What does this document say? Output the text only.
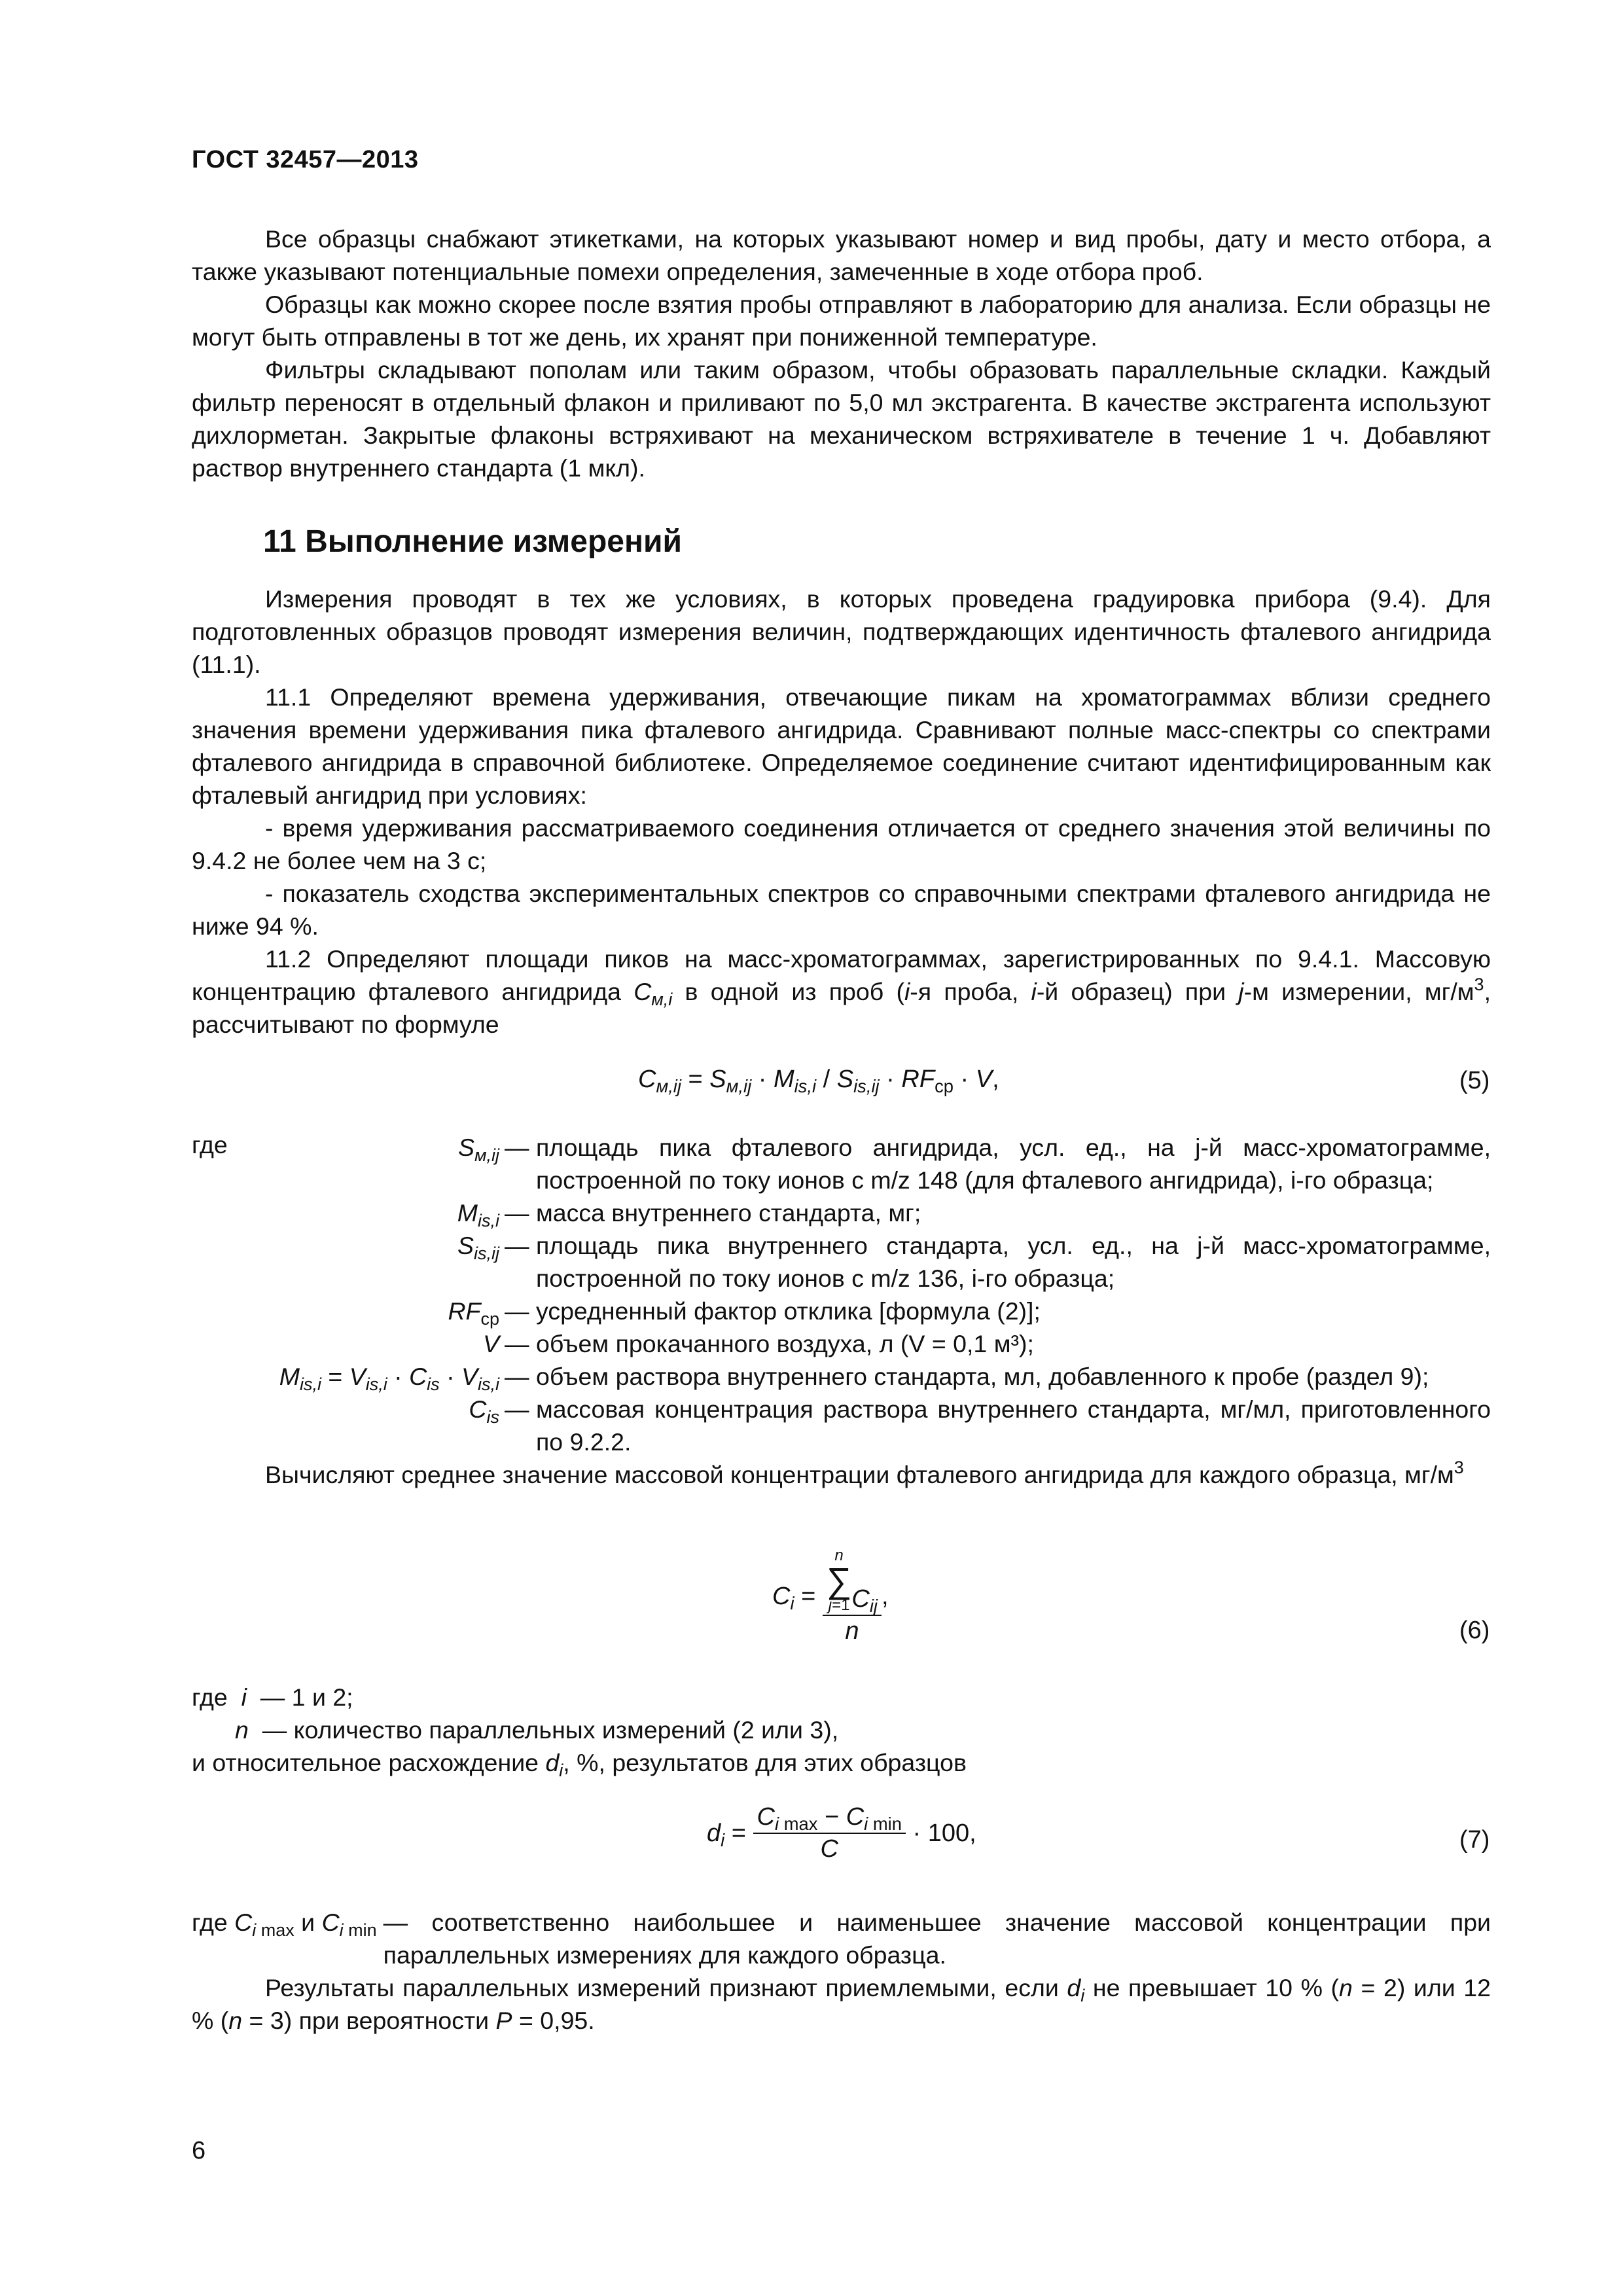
ГОСТ 32457—2013

Все образцы снабжают этикетками, на которых указывают номер и вид пробы, дату и место отбора, а также указывают потенциальные помехи определения, замеченные в ходе отбора проб.

Образцы как можно скорее после взятия пробы отправляют в лабораторию для анализа. Если образцы не могут быть отправлены в тот же день, их хранят при пониженной температуре.

Фильтры складывают пополам или таким образом, чтобы образовать параллельные складки. Каждый фильтр переносят в отдельный флакон и приливают по 5,0 мл экстрагента. В качестве экстрагента используют дихлорметан. Закрытые флаконы встряхивают на механическом встряхивателе в течение 1 ч. Добавляют раствор внутреннего стандарта (1 мкл).

11 Выполнение измерений

Измерения проводят в тех же условиях, в которых проведена градуировка прибора (9.4). Для подготовленных образцов проводят измерения величин, подтверждающих идентичность фталевого ангидрида (11.1).

11.1 Определяют времена удерживания, отвечающие пикам на хроматограммах вблизи среднего значения времени удерживания пика фталевого ангидрида. Сравнивают полные масс-спектры со спектрами фталевого ангидрида в справочной библиотеке. Определяемое соединение считают идентифицированным как фталевый ангидрид при условиях:

- время удерживания рассматриваемого соединения отличается от среднего значения этой величины по 9.4.2 не более чем на 3 с;

- показатель сходства экспериментальных спектров со справочными спектрами фталевого ангидрида не ниже 94 %.

11.2 Определяют площади пиков на масс-хроматограммах, зарегистрированных по 9.4.1. Массовую концентрацию фталевого ангидрида $C_{м,i}$ в одной из проб (i-я проба, i-й образец) при j-м измерении, $мг/м^3$, рассчитывают по формуле

$C_{м,ij} = S_{м,ij} \cdot M_{is,i} / S_{is,ij} \cdot RF_{ср} \cdot V$,	(5)
где	$S_{м,ij}$ — площадь пика фталевого ангидрида, усл. ед., на j-й масс-хроматограмме, построенной по току ионов с m/z 148 (для фталевого ангидрида), i-го образца;
$M_{is,i}$ — масса внутреннего стандарта, мг;
$S_{is,ij}$ — площадь пика внутреннего стандарта, усл. ед., на j-й масс-хроматограмме, построенной по току ионов с m/z 136, i-го образца;
$RF_{ср}$ — усредненный фактор отклика [формула (2)];
V — объем прокачанного воздуха, л (V = 0,1 м³);
$M_{is,i} = V_{is,i} \cdot C_{is} \cdot V_{is,i}$ — объем раствора внутреннего стандарта, мл, добавленного к пробе (раздел 9);
$C_{is}$ — массовая концентрация раствора внутреннего стандарта, мг/мл, приготовленного по 9.2.2.

Вычисляют среднее значение массовой концентрации фталевого ангидрида для каждого образца, $мг/м^3$

$C_i = n$
∑
$j=1C_{ij}$
n ,
(6)
где i — 1 и 2;
n — количество параллельных измерений (2 или 3),
и относительное расхождение $d_i$, %, результатов для этих образцов
$d_i = \frac{C_{i max} - C_{i min}}{C} \cdot 100$,	(7)
где $C_{i max}$ и $C_{i min}$ — соответственно наибольшее и наименьшее значение массовой концентрации при параллельных измерениях для каждого образца.

Результаты параллельных измерений признают приемлемыми, если $d_i$ не превышает 10 % (n = 2) или 12 % (n = 3) при вероятности P = 0,95.

6
